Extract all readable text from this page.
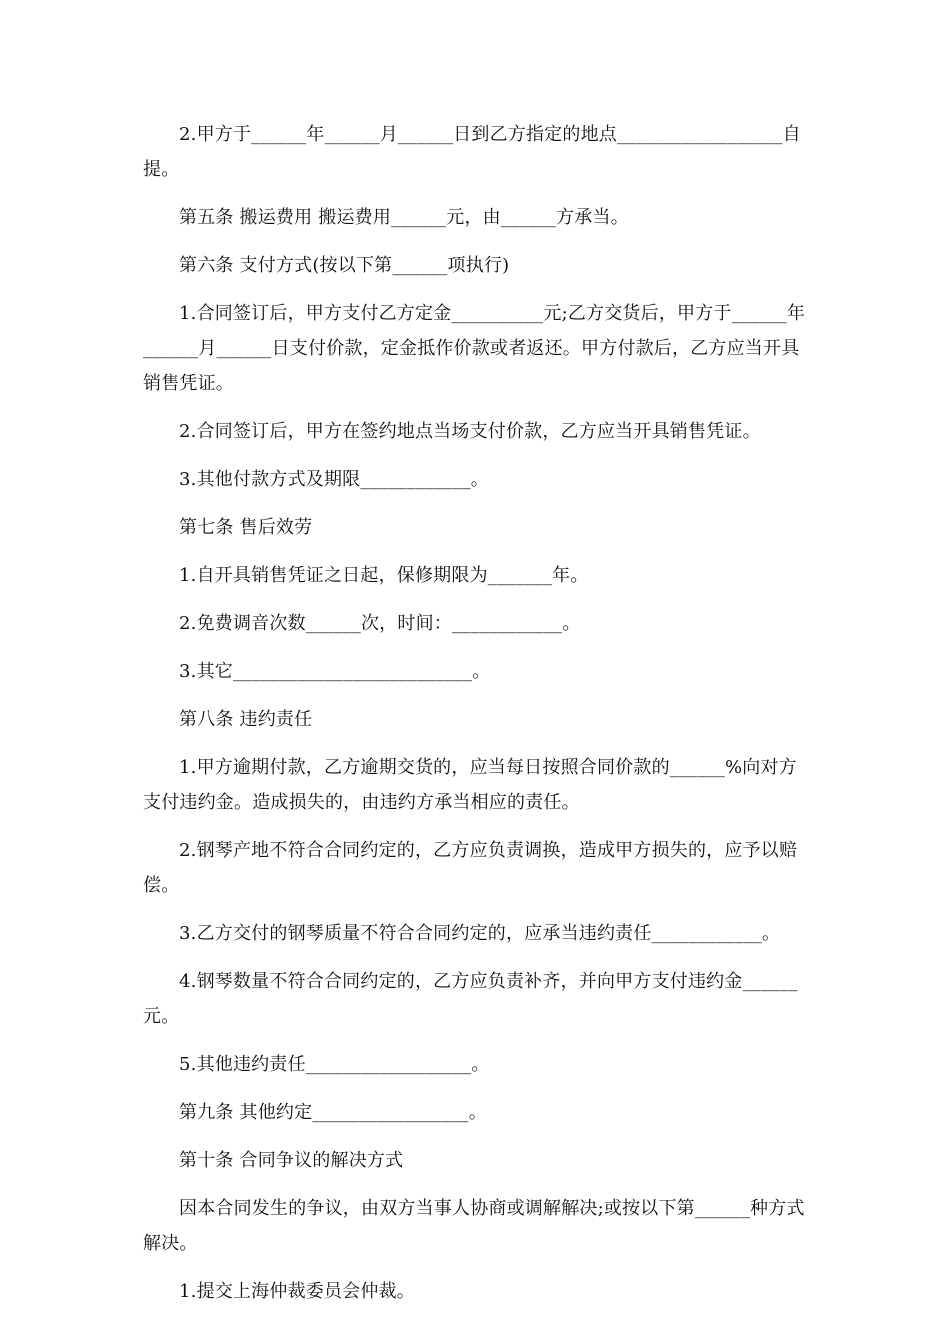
2.甲方于______年______月______日到乙方指定的地点__________________自提。

第五条 搬运费用 搬运费用______元，由______方承当。

第六条 支付方式(按以下第______项执行)

1.合同签订后，甲方支付乙方定金__________元;乙方交货后，甲方于______年______月______日支付价款，定金抵作价款或者返还。甲方付款后，乙方应当开具销售凭证。

2.合同签订后，甲方在签约地点当场支付价款，乙方应当开具销售凭证。

3.其他付款方式及期限____________。

第七条 售后效劳

1.自开具销售凭证之日起，保修期限为_______年。

2.免费调音次数______次，时间：____________。

3.其它__________________________。

第八条 违约责任

1.甲方逾期付款，乙方逾期交货的，应当每日按照合同价款的______%向对方支付违约金。造成损失的，由违约方承当相应的责任。

2.钢琴产地不符合合同约定的，乙方应负责调换，造成甲方损失的，应予以赔偿。

3.乙方交付的钢琴质量不符合合同约定的，应承当违约责任____________。

4.钢琴数量不符合合同约定的，乙方应负责补齐，并向甲方支付违约金______元。

5.其他违约责任__________________。

第九条 其他约定_________________。

第十条 合同争议的解决方式

因本合同发生的争议，由双方当事人协商或调解解决;或按以下第______种方式解决。

1.提交上海仲裁委员会仲裁。
